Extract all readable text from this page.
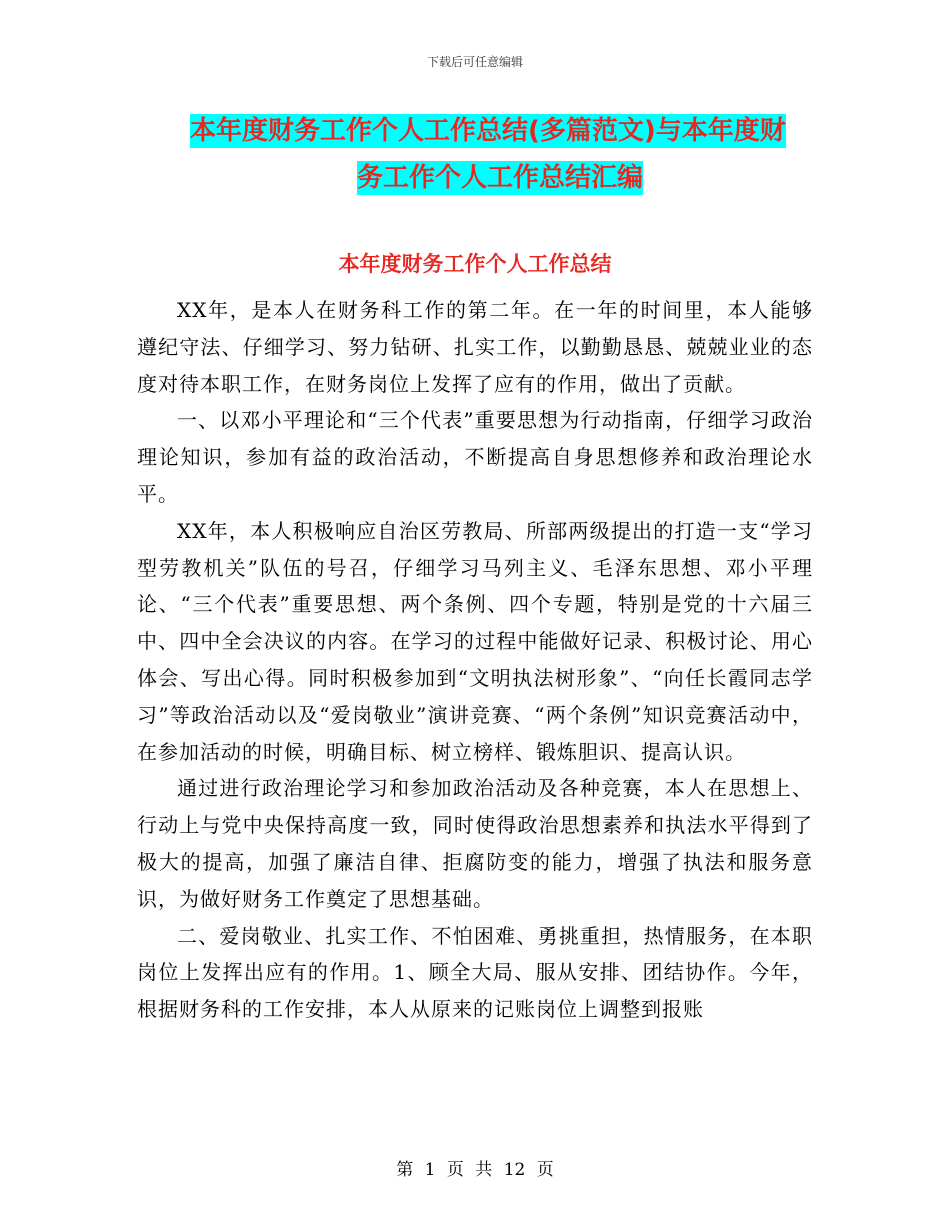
下载后可任意编辑
本年度财务工作个人工作总结(多篇范文)与本年度财
务工作个人工作总结汇编
本年度财务工作个人工作总结

XX年，是本人在财务科工作的第二年。在一年的时间里，本人能够遵纪守法、仔细学习、努力钻研、扎实工作，以勤勤恳恳、兢兢业业的态度对待本职工作，在财务岗位上发挥了应有的作用，做出了贡献。

一、以邓小平理论和“三个代表”重要思想为行动指南，仔细学习政治理论知识，参加有益的政治活动，不断提高自身思想修养和政治理论水平。

XX年，本人积极响应自治区劳教局、所部两级提出的打造一支“学习型劳教机关”队伍的号召，仔细学习马列主义、毛泽东思想、邓小平理论、“三个代表”重要思想、两个条例、四个专题，特别是党的十六届三中、四中全会决议的内容。在学习的过程中能做好记录、积极讨论、用心体会、写出心得。同时积极参加到“文明执法树形象”、“向任长霞同志学习”等政治活动以及“爱岗敬业”演讲竞赛、“两个条例”知识竞赛活动中，在参加活动的时候，明确目标、树立榜样、锻炼胆识、提高认识。

通过进行政治理论学习和参加政治活动及各种竞赛，本人在思想上、行动上与党中央保持高度一致，同时使得政治思想素养和执法水平得到了极大的提高，加强了廉洁自律、拒腐防变的能力，增强了执法和服务意识，为做好财务工作奠定了思想基础。

二、爱岗敬业、扎实工作、不怕困难、勇挑重担，热情服务，在本职岗位上发挥出应有的作用。1、顾全大局、服从安排、团结协作。今年，根据财务科的工作安排，本人从原来的记账岗位上调整到报账

第 1 页 共 12 页
